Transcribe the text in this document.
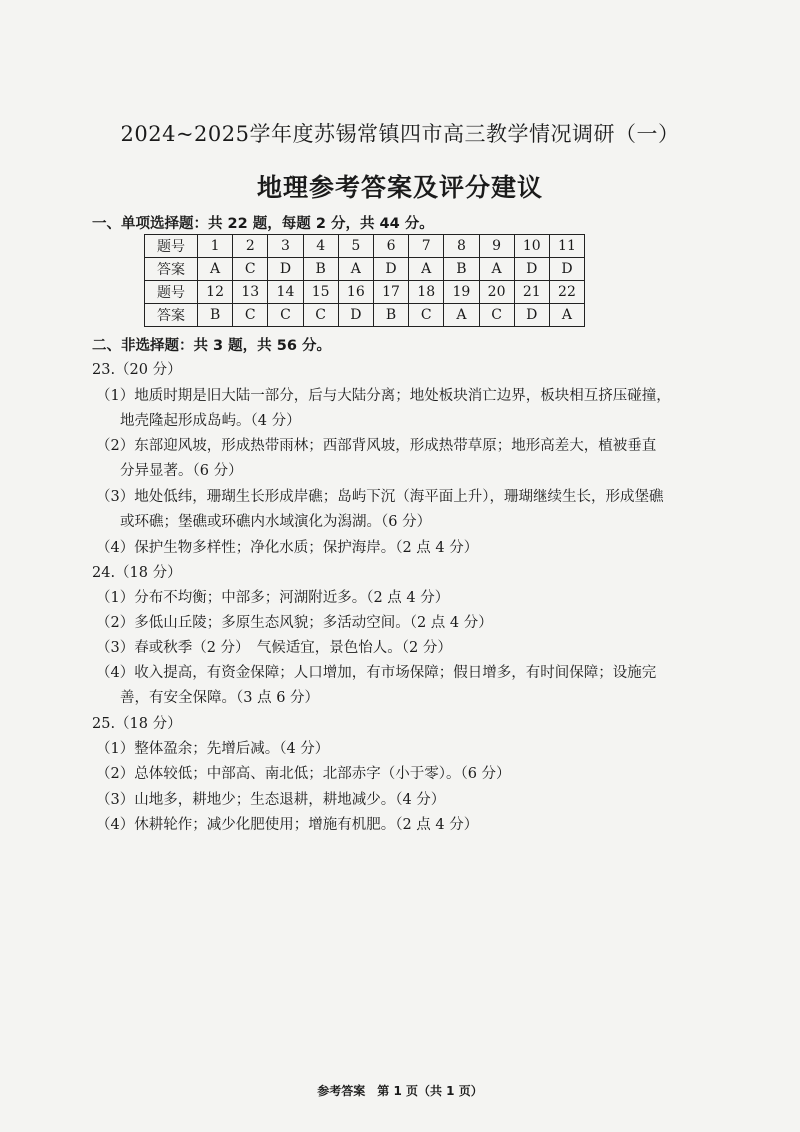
2024~2025学年度苏锡常镇四市高三教学情况调研（一）
地理参考答案及评分建议
一、单项选择题：共 22 题，每题 2 分，共 44 分。
题号	1	2	3	4	5	6	7	8	9	10	11
答案	A	C	D	B	A	D	A	B	A	D	D
题号	12	13	14	15	16	17	18	19	20	21	22
答案	B	C	C	C	D	B	C	A	C	D	A
二、非选择题：共 3 题，共 56 分。
23.（20 分）
（1）地质时期是旧大陆一部分，后与大陆分离；地处板块消亡边界，板块相互挤压碰撞，
地壳隆起形成岛屿。（4 分）
（2）东部迎风坡，形成热带雨林；西部背风坡，形成热带草原；地形高差大，植被垂直
分异显著。（6 分）
（3）地处低纬，珊瑚生长形成岸礁；岛屿下沉（海平面上升），珊瑚继续生长，形成堡礁
或环礁；堡礁或环礁内水域演化为潟湖。（6 分）
（4）保护生物多样性；净化水质；保护海岸。（2 点 4 分）
24.（18 分）
（1）分布不均衡；中部多；河湖附近多。（2 点 4 分）
（2）多低山丘陵；多原生态风貌；多活动空间。（2 点 4 分）
（3）春或秋季（2 分）　气候适宜，景色怡人。（2 分）
（4）收入提高，有资金保障；人口增加，有市场保障；假日增多，有时间保障；设施完
善，有安全保障。（3 点 6 分）
25.（18 分）
（1）整体盈余；先增后减。（4 分）
（2）总体较低；中部高、南北低；北部赤字（小于零）。（6 分）
（3）山地多，耕地少；生态退耕，耕地减少。（4 分）
（4）休耕轮作；减少化肥使用；增施有机肥。（2 点 4 分）
参考答案　第 1 页（共 1 页）
